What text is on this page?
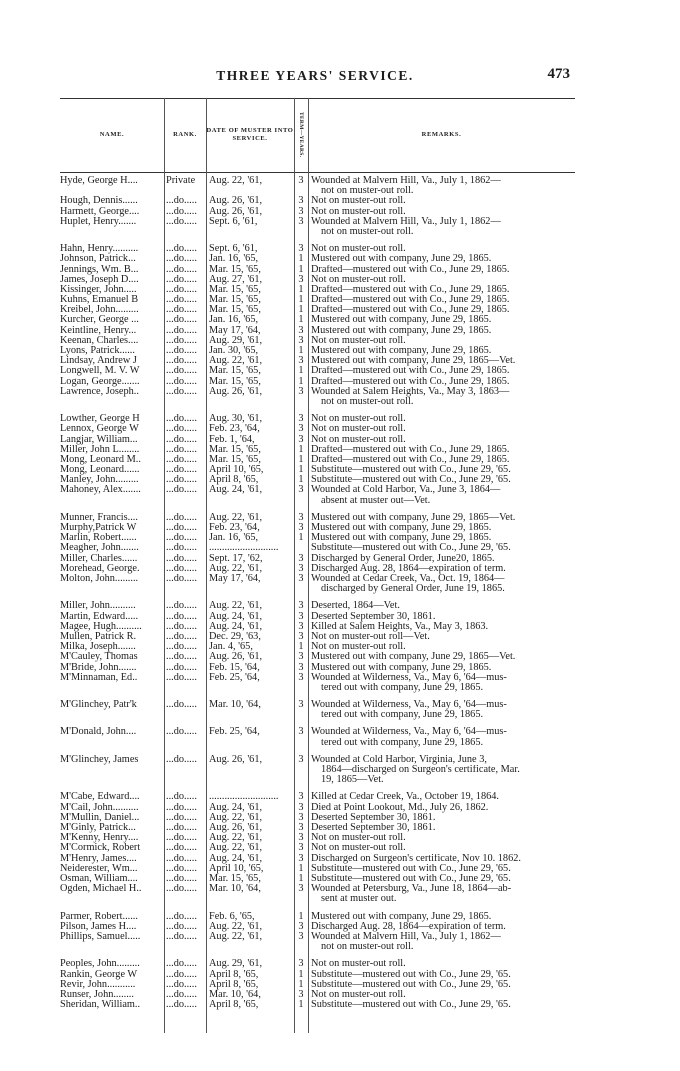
THREE YEARS' SERVICE.	473
NAME.	RANK.
DATE OF MUSTER INTO SERVICE.	TERM—YEARS.	REMARKS.
Hyde, George H....	Private	Aug. 22, '61,	3 Wounded at Malvern Hill, Va., July 1, 1862—
not on muster-out roll.
Hough, Dennis......	...do.....	Aug. 26, '61,	3 Not on muster-out roll.
Harmett, George....	...do.....	Aug. 26, '61,	3 Not on muster-out roll.
Huplet, Henry.......	...do.....	Sept. 6, '61,	3 Wounded at Malvern Hill, Va., July 1, 1862—
not on muster-out roll.
Hahn, Henry..........	...do.....	Sept. 6, '61,	3 Not on muster-out roll.
Johnson, Patrick...	...do.....	Jan. 16, '65,	1 Mustered out with company, June 29, 1865.
Jennings, Wm. B...	...do.....	Mar. 15, '65,	1 Drafted—mustered out with Co., June 29, 1865.
James, Joseph D....	...do.....	Aug. 27, '61,	3 Not on muster-out roll.
Kissinger, John.....	...do.....	Mar. 15, '65,	1 Drafted—mustered out with Co., June 29, 1865.
Kuhns, Emanuel B	...do.....	Mar. 15, '65,	1 Drafted—mustered out with Co., June 29, 1865.
Kreibel, John.........	...do.....	Mar. 15, '65,	1 Drafted—mustered out with Co., June 29, 1865.
Kurcher, George ...	...do.....	Jan. 16, '65,	1 Mustered out with company, June 29, 1865.
Keintline, Henry...	...do.....	May 17, '64,	3 Mustered out with company, June 29, 1865.
Keenan, Charles....	...do.....	Aug. 29, '61,	3 Not on muster-out roll.
Lyons, Patrick......	...do.....	Jan. 30, '65,	1 Mustered out with company, June 29, 1865.
Lindsay, Andrew J	...do.....	Aug. 22, '61,	3 Mustered out with company, June 29, 1865—Vet.
Longwell, M. V. W	...do.....	Mar. 15, '65,	1 Drafted—mustered out with Co., June 29, 1865.
Logan, George.......	...do.....	Mar. 15, '65,	1 Drafted—mustered out with Co., June 29, 1865.
Lawrence, Joseph..	...do.....	Aug. 26, '61,	3 Wounded at Salem Heights, Va., May 3, 1863—
not on muster-out roll.
Lowther, George H	...do.....	Aug. 30, '61,	3 Not on muster-out roll.
Lennox, George W	...do.....	Feb. 23, '64,	3 Not on muster-out roll.
Langjar, William...	...do.....	Feb. 1, '64,	3 Not on muster-out roll.
Miller, John L........	...do.....	Mar. 15, '65,	1 Drafted—mustered out with Co., June 29, 1865.
Mong, Leonard M..	...do.....	Mar. 15, '65,	1 Drafted—mustered out with Co., June 29, 1865.
Mong, Leonard......	...do.....	April 10, '65,	1 Substitute—mustered out with Co., June 29, '65.
Manley, John.........	...do.....	April 8, '65,	1 Substitute—mustered out with Co., June 29, '65.
Mahoney, Alex.......	...do.....	Aug. 24, '61,	3 Wounded at Cold Harbor, Va., June 3, 1864—
absent at muster out—Vet.
Munner, Francis....	...do.....	Aug. 22, '61,	3 Mustered out with company, June 29, 1865—Vet.
Murphy,Patrick W	...do.....	Feb. 23, '64,	3 Mustered out with company, June 29, 1865.
Marlin, Robert......	...do.....	Jan. 16, '65,	1 Mustered out with company, June 29, 1865.
Meagher, John.......	...do.....	...........................	Substitute—mustered out with Co., June 29, '65.
Miller, Charles......	...do.....	Sept. 17, '62,	3 Discharged by General Order, June20, 1865.
Morehead, George.	...do.....	Aug. 22, '61,	3 Discharged Aug. 28, 1864—expiration of term.
Molton, John.........	...do.....	May 17, '64,	3 Wounded at Cedar Creek, Va., Oct. 19, 1864—
discharged by General Order, June 19, 1865.
Miller, John..........	...do.....	Aug. 22, '61,	3 Deserted, 1864—Vet.
Martin, Edward.....	...do.....	Aug. 24, '61,	3 Deserted September 30, 1861.
Magee, Hugh..........	...do.....	Aug. 24, '61,	3 Killed at Salem Heights, Va., May 3, 1863.
Mullen, Patrick R.	...do.....	Dec. 29, '63,	3 Not on muster-out roll—Vet.
Milka, Joseph.......	...do.....	Jan. 4, '65,	1 Not on muster-out roll.
M'Cauley, Thomas	...do.....	Aug. 26, '61,	3 Mustered out with company, June 29, 1865—Vet.
M'Bride, John.......	...do.....	Feb. 15, '64,	3 Mustered out with company, June 29, 1865.
M'Minnaman, Ed..	...do.....	Feb. 25, '64,	3 Wounded at Wilderness, Va., May 6, '64—mus-
tered out with company, June 29, 1865.
M'Glinchey, Patr'k	...do.....	Mar. 10, '64,	3 Wounded at Wilderness, Va., May 6, '64—mus-
tered out with company, June 29, 1865.
M'Donald, John....	...do.....	Feb. 25, '64,	3 Wounded at Wilderness, Va., May 6, '64—mus-
tered out with company, June 29, 1865.
M'Glinchey, James	...do.....	Aug. 26, '61,	3 Wounded at Cold Harbor, Virginia, June 3,
1864—discharged on Surgeon's certificate, Mar.
19, 1865—Vet.
M'Cabe, Edward....	...do.....	...........................	3 Killed at Cedar Creek, Va., October 19, 1864.
M'Cail, John..........	...do.....	Aug. 24, '61,	3 Died at Point Lookout, Md., July 26, 1862.
M'Mullin, Daniel...	...do.....	Aug. 22, '61,	3 Deserted September 30, 1861.
M'Ginly, Patrick...	...do.....	Aug. 26, '61,	3 Deserted September 30, 1861.
M'Kenny, Henry....	...do.....	Aug. 22, '61,	3 Not on muster-out roll.
M'Cormick, Robert	...do.....	Aug. 22, '61,	3 Not on muster-out roll.
M'Henry, James....	...do.....	Aug. 24, '61,	3 Discharged on Surgeon's certificate, Nov 10. 1862.
Neiderester, Wm...	...do.....	April 10, '65,	1 Substitute—mustered out with Co., June 29, '65.
Osman, William....	...do.....	Mar. 15, '65,	1 Substitute—mustered out with Co., June 29, '65.
Ogden, Michael H..	...do.....	Mar. 10, '64,	3 Wounded at Petersburg, Va., June 18, 1864—ab-
sent at muster out.
Parmer, Robert......	...do.....	Feb. 6, '65,	1 Mustered out with company, June 29, 1865.
Pilson, James H....	...do.....	Aug. 22, '61,	3 Discharged Aug. 28, 1864—expiration of term.
Phillips, Samuel.....	...do.....	Aug. 22, '61,	3 Wounded at Malvern Hill, Va., July 1, 1862—
not on muster-out roll.
Peoples, John.........	...do.....	Aug. 29, '61,	3 Not on muster-out roll.
Rankin, George W	...do.....	April 8, '65,	1 Substitute—mustered out with Co., June 29, '65.
Revir, John...........	...do.....	April 8, '65,	1 Substitute—mustered out with Co., June 29, '65.
Runser, John........	...do.....	Mar. 10, '64,	3 Not on muster-out roll.
Sheridan, William..	...do.....	April 8, '65,	1 Substitute—mustered out with Co., June 29, '65.
